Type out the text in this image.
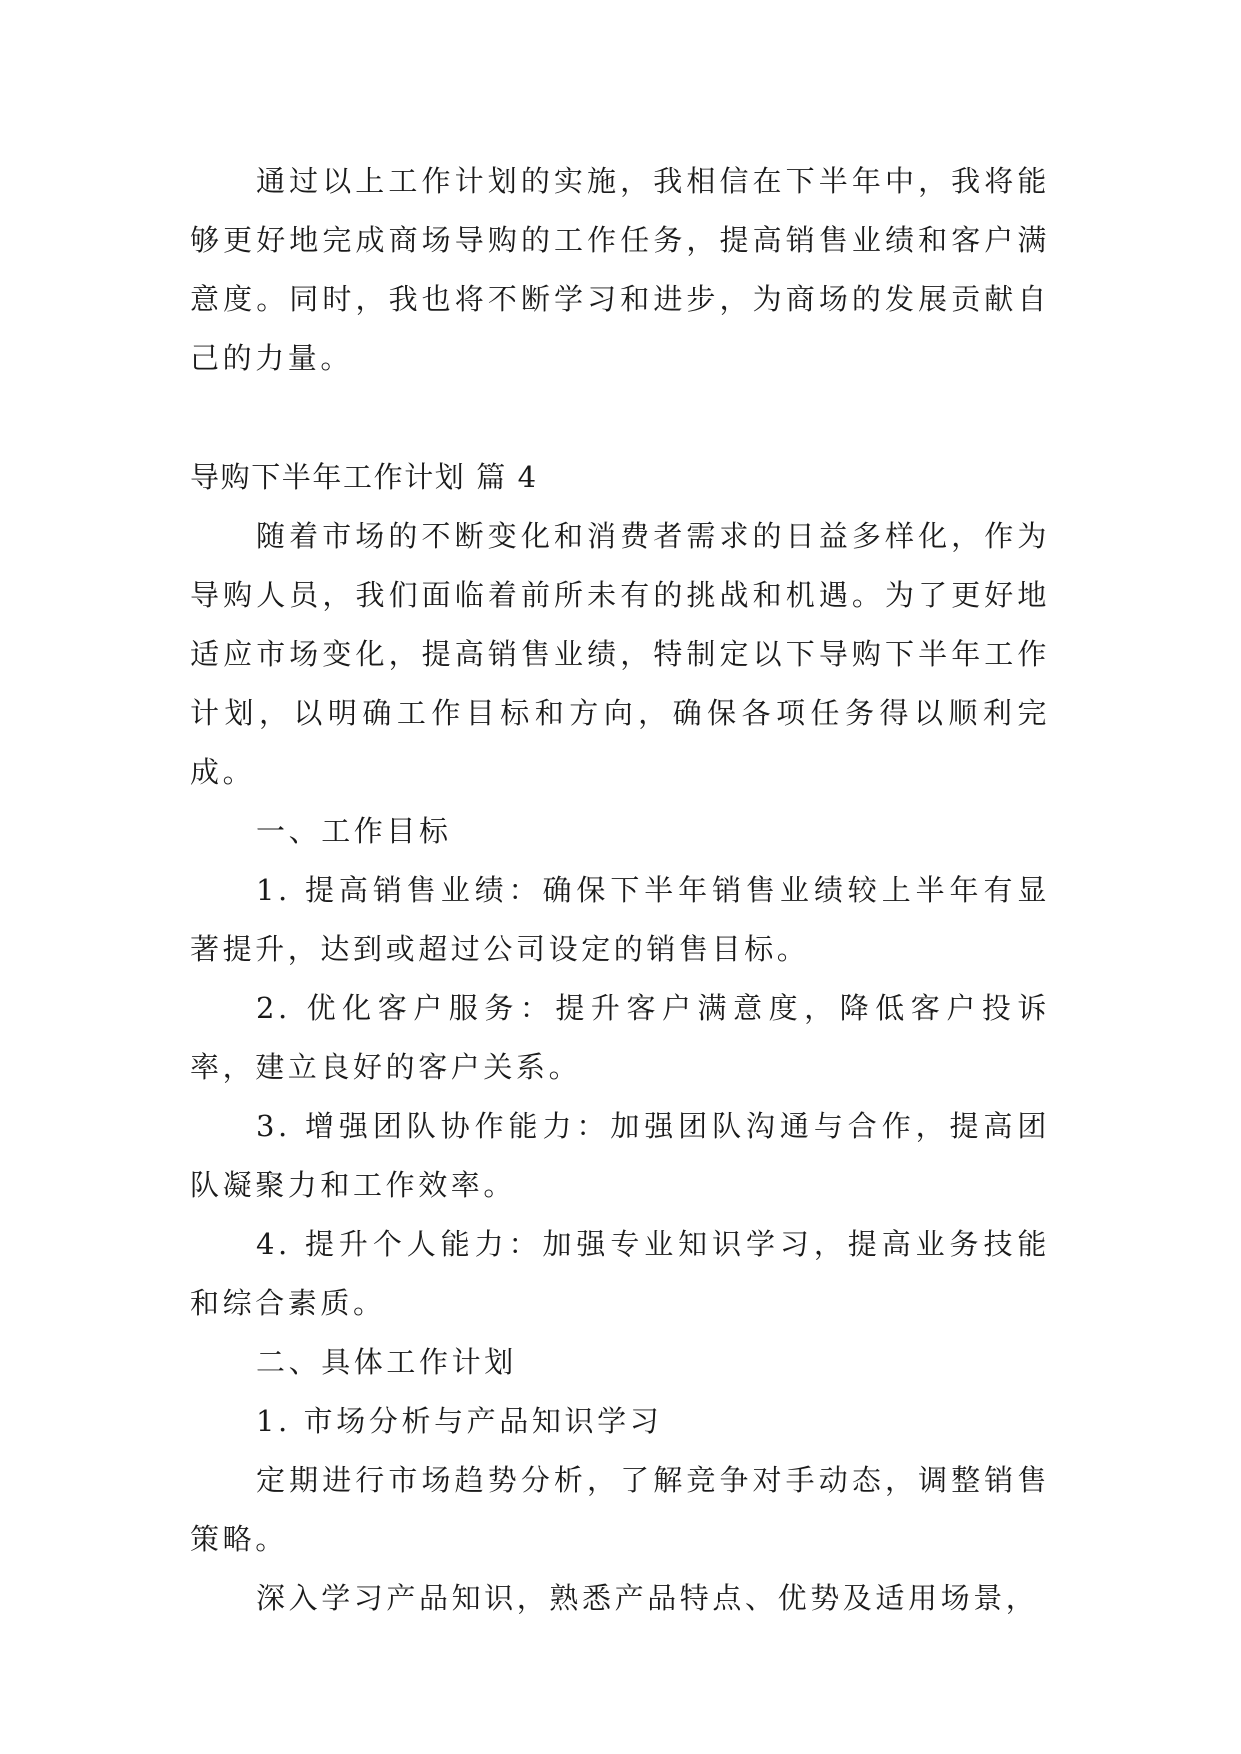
通过以上工作计划的实施，我相信在下半年中，我将能够更好地完成商场导购的工作任务，提高销售业绩和客户满意度。同时，我也将不断学习和进步，为商场的发展贡献自己的力量。

导购下半年工作计划 篇 4

随着市场的不断变化和消费者需求的日益多样化，作为导购人员，我们面临着前所未有的挑战和机遇。为了更好地适应市场变化，提高销售业绩，特制定以下导购下半年工作计划，以明确工作目标和方向，确保各项任务得以顺利完成。

一、工作目标

1. 提高销售业绩：确保下半年销售业绩较上半年有显著提升，达到或超过公司设定的销售目标。

2. 优化客户服务：提升客户满意度，降低客户投诉率，建立良好的客户关系。

3. 增强团队协作能力：加强团队沟通与合作，提高团队凝聚力和工作效率。

4. 提升个人能力：加强专业知识学习，提高业务技能和综合素质。

二、具体工作计划

1. 市场分析与产品知识学习

定期进行市场趋势分析，了解竞争对手动态，调整销售策略。

深入学习产品知识，熟悉产品特点、优势及适用场景，
